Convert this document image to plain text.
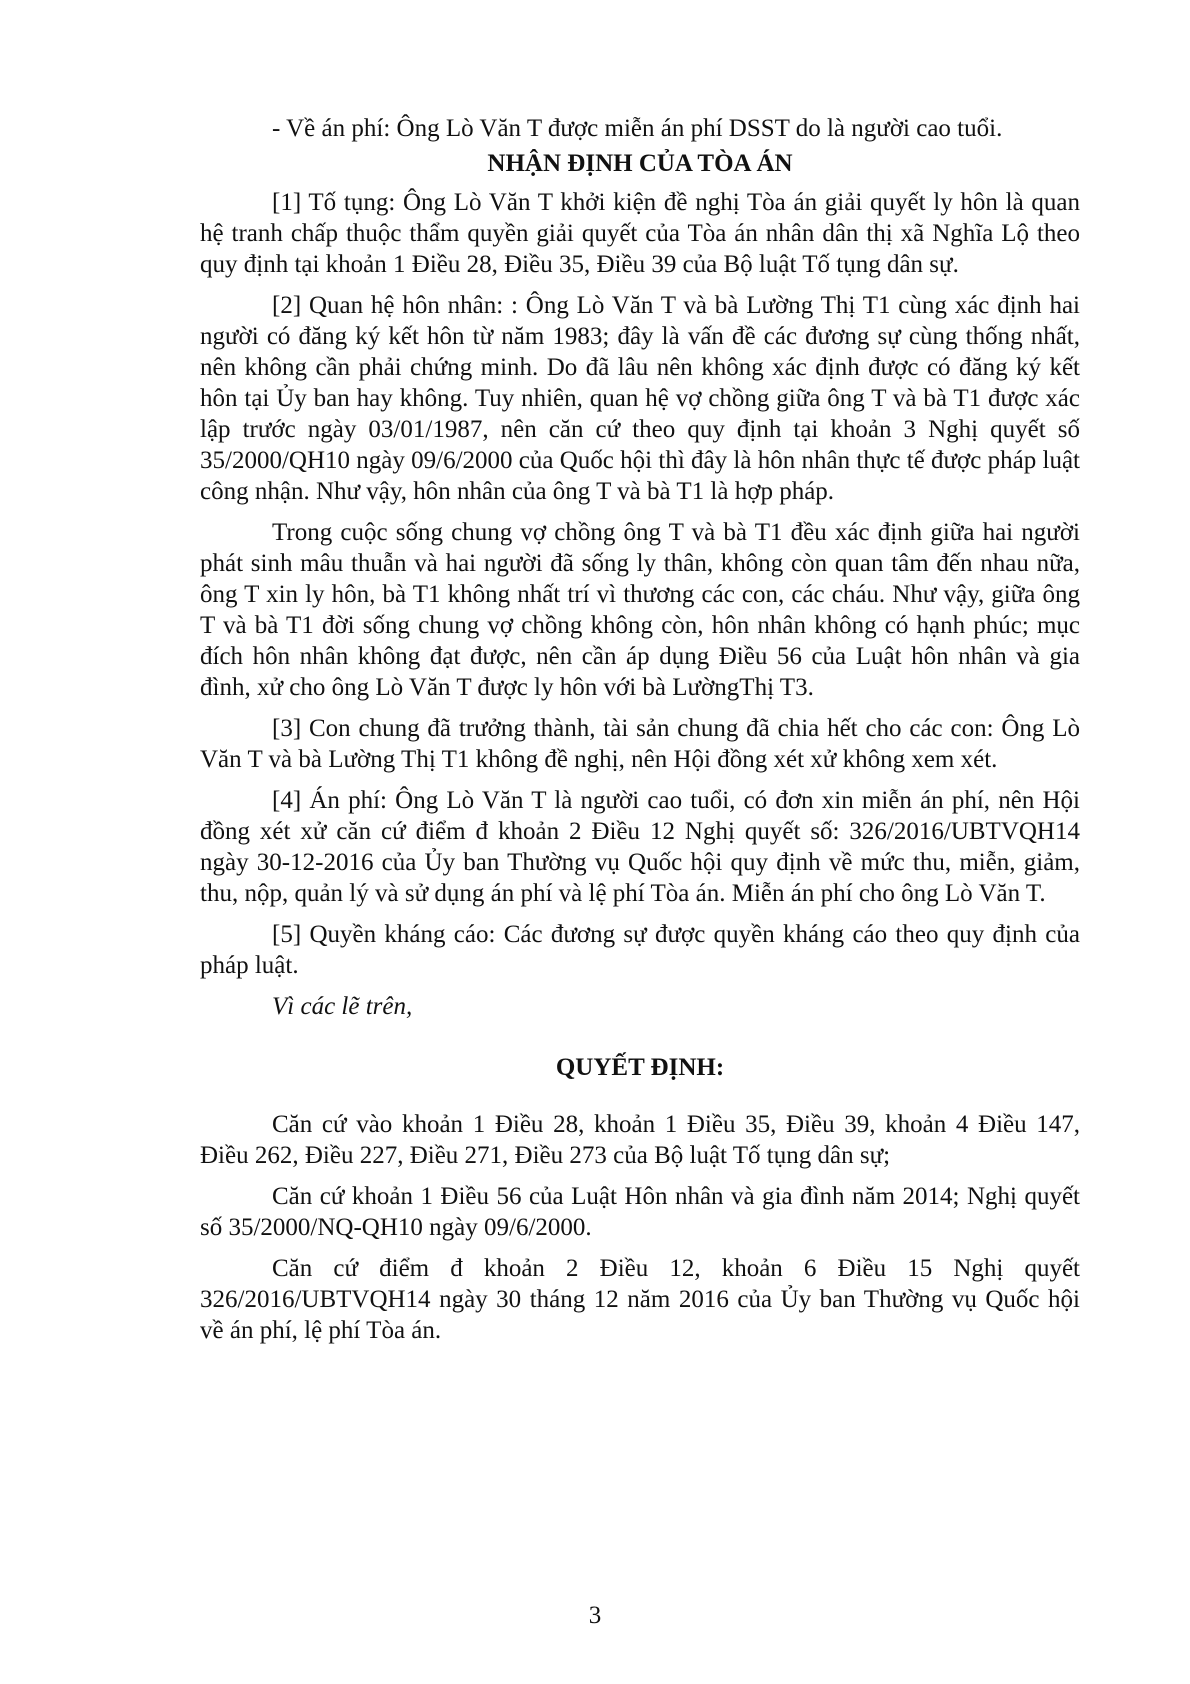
- Về án phí: Ông Lò Văn T được miễn án phí DSST do là người cao tuổi.

NHẬN ĐỊNH CỦA TÒA ÁN

[1] Tố tụng: Ông Lò Văn T khởi kiện đề nghị Tòa án giải quyết ly hôn là quan hệ tranh chấp thuộc thẩm quyền giải quyết của Tòa án nhân dân thị xã Nghĩa Lộ theo quy định tại khoản 1 Điều 28, Điều 35, Điều 39 của Bộ luật Tố tụng dân sự.

[2] Quan hệ hôn nhân: : Ông Lò Văn T và bà Lường Thị T1 cùng xác định hai người có đăng ký kết hôn từ năm 1983; đây là vấn đề các đương sự cùng thống nhất, nên không cần phải chứng minh. Do đã lâu nên không xác định được có đăng ký kết hôn tại Ủy ban hay không. Tuy nhiên, quan hệ vợ chồng giữa ông T và bà T1 được xác lập trước ngày 03/01/1987, nên căn cứ theo quy định tại khoản 3 Nghị quyết số 35/2000/QH10 ngày 09/6/2000 của Quốc hội thì đây là hôn nhân thực tế được pháp luật công nhận. Như vậy, hôn nhân của ông T và bà T1 là hợp pháp.

Trong cuộc sống chung vợ chồng ông T và bà T1 đều xác định giữa hai người phát sinh mâu thuẫn và hai người đã sống ly thân, không còn quan tâm đến nhau nữa, ông T xin ly hôn, bà T1 không nhất trí vì thương các con, các cháu. Như vậy, giữa ông T và bà T1 đời sống chung vợ chồng không còn, hôn nhân không có hạnh phúc; mục đích hôn nhân không đạt được, nên cần áp dụng Điều 56 của Luật hôn nhân và gia đình, xử cho ông Lò Văn T được ly hôn với bà LườngThị T3.

[3] Con chung đã trưởng thành, tài sản chung đã chia hết cho các con: Ông Lò Văn T và bà Lường Thị T1 không đề nghị, nên Hội đồng xét xử không xem xét.

[4] Án phí: Ông Lò Văn T là người cao tuổi, có đơn xin miễn án phí, nên Hội đồng xét xử căn cứ điểm đ khoản 2 Điều 12 Nghị quyết số: 326/2016/UBTVQH14 ngày 30-12-2016 của Ủy ban Thường vụ Quốc hội quy định về mức thu, miễn, giảm, thu, nộp, quản lý và sử dụng án phí và lệ phí Tòa án. Miễn án phí cho ông Lò Văn T.

[5] Quyền kháng cáo: Các đương sự được quyền kháng cáo theo quy định của pháp luật.

Vì các lẽ trên,

QUYẾT ĐỊNH:

Căn cứ vào khoản 1 Điều 28, khoản 1 Điều 35, Điều 39, khoản 4 Điều 147, Điều 262, Điều 227, Điều 271, Điều 273 của Bộ luật Tố tụng dân sự;

Căn cứ khoản 1 Điều 56 của Luật Hôn nhân và gia đình năm 2014; Nghị quyết số 35/2000/NQ-QH10 ngày 09/6/2000.

Căn cứ điểm đ khoản 2 Điều 12, khoản 6 Điều 15 Nghị quyết 326/2016/UBTVQH14 ngày 30 tháng 12 năm 2016 của Ủy ban Thường vụ Quốc hội về án phí, lệ phí Tòa án.

3
